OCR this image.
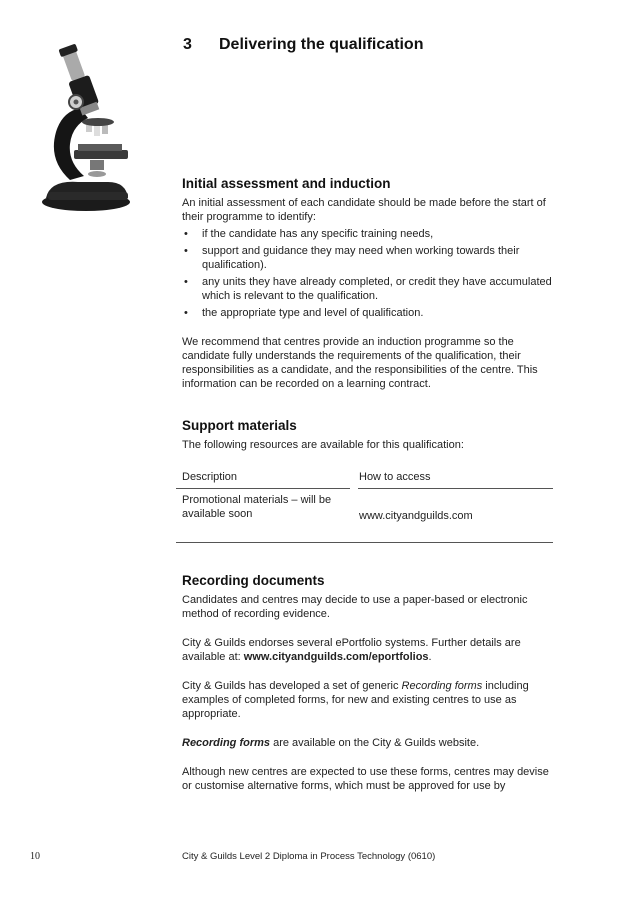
3 Delivering the qualification
Initial assessment and induction

An initial assessment of each candidate should be made before the start of their programme to identify:

• if the candidate has any specific training needs,
• support and guidance they may need when working towards their qualification).
• any units they have already completed, or credit they have accumulated which is relevant to the qualification.
• the appropriate type and level of qualification.

We recommend that centres provide an induction programme so the candidate fully understands the requirements of the qualification, their responsibilities as a candidate, and the responsibilities of the centre. This information can be recorded on a learning contract.

Support materials

The following resources are available for this qualification:

Description	How to access
Promotional materials – will be available soon	www.cityandguilds.com
Recording documents

Candidates and centres may decide to use a paper-based or electronic method of recording evidence.

City & Guilds endorses several ePortfolio systems. Further details are available at: www.cityandguilds.com/eportfolios.

City & Guilds has developed a set of generic Recording forms including examples of completed forms, for new and existing centres to use as appropriate.

Recording forms are available on the City & Guilds website.

Although new centres are expected to use these forms, centres may devise or customise alternative forms, which must be approved for use by

10	City & Guilds Level 2 Diploma in Process Technology (0610)
